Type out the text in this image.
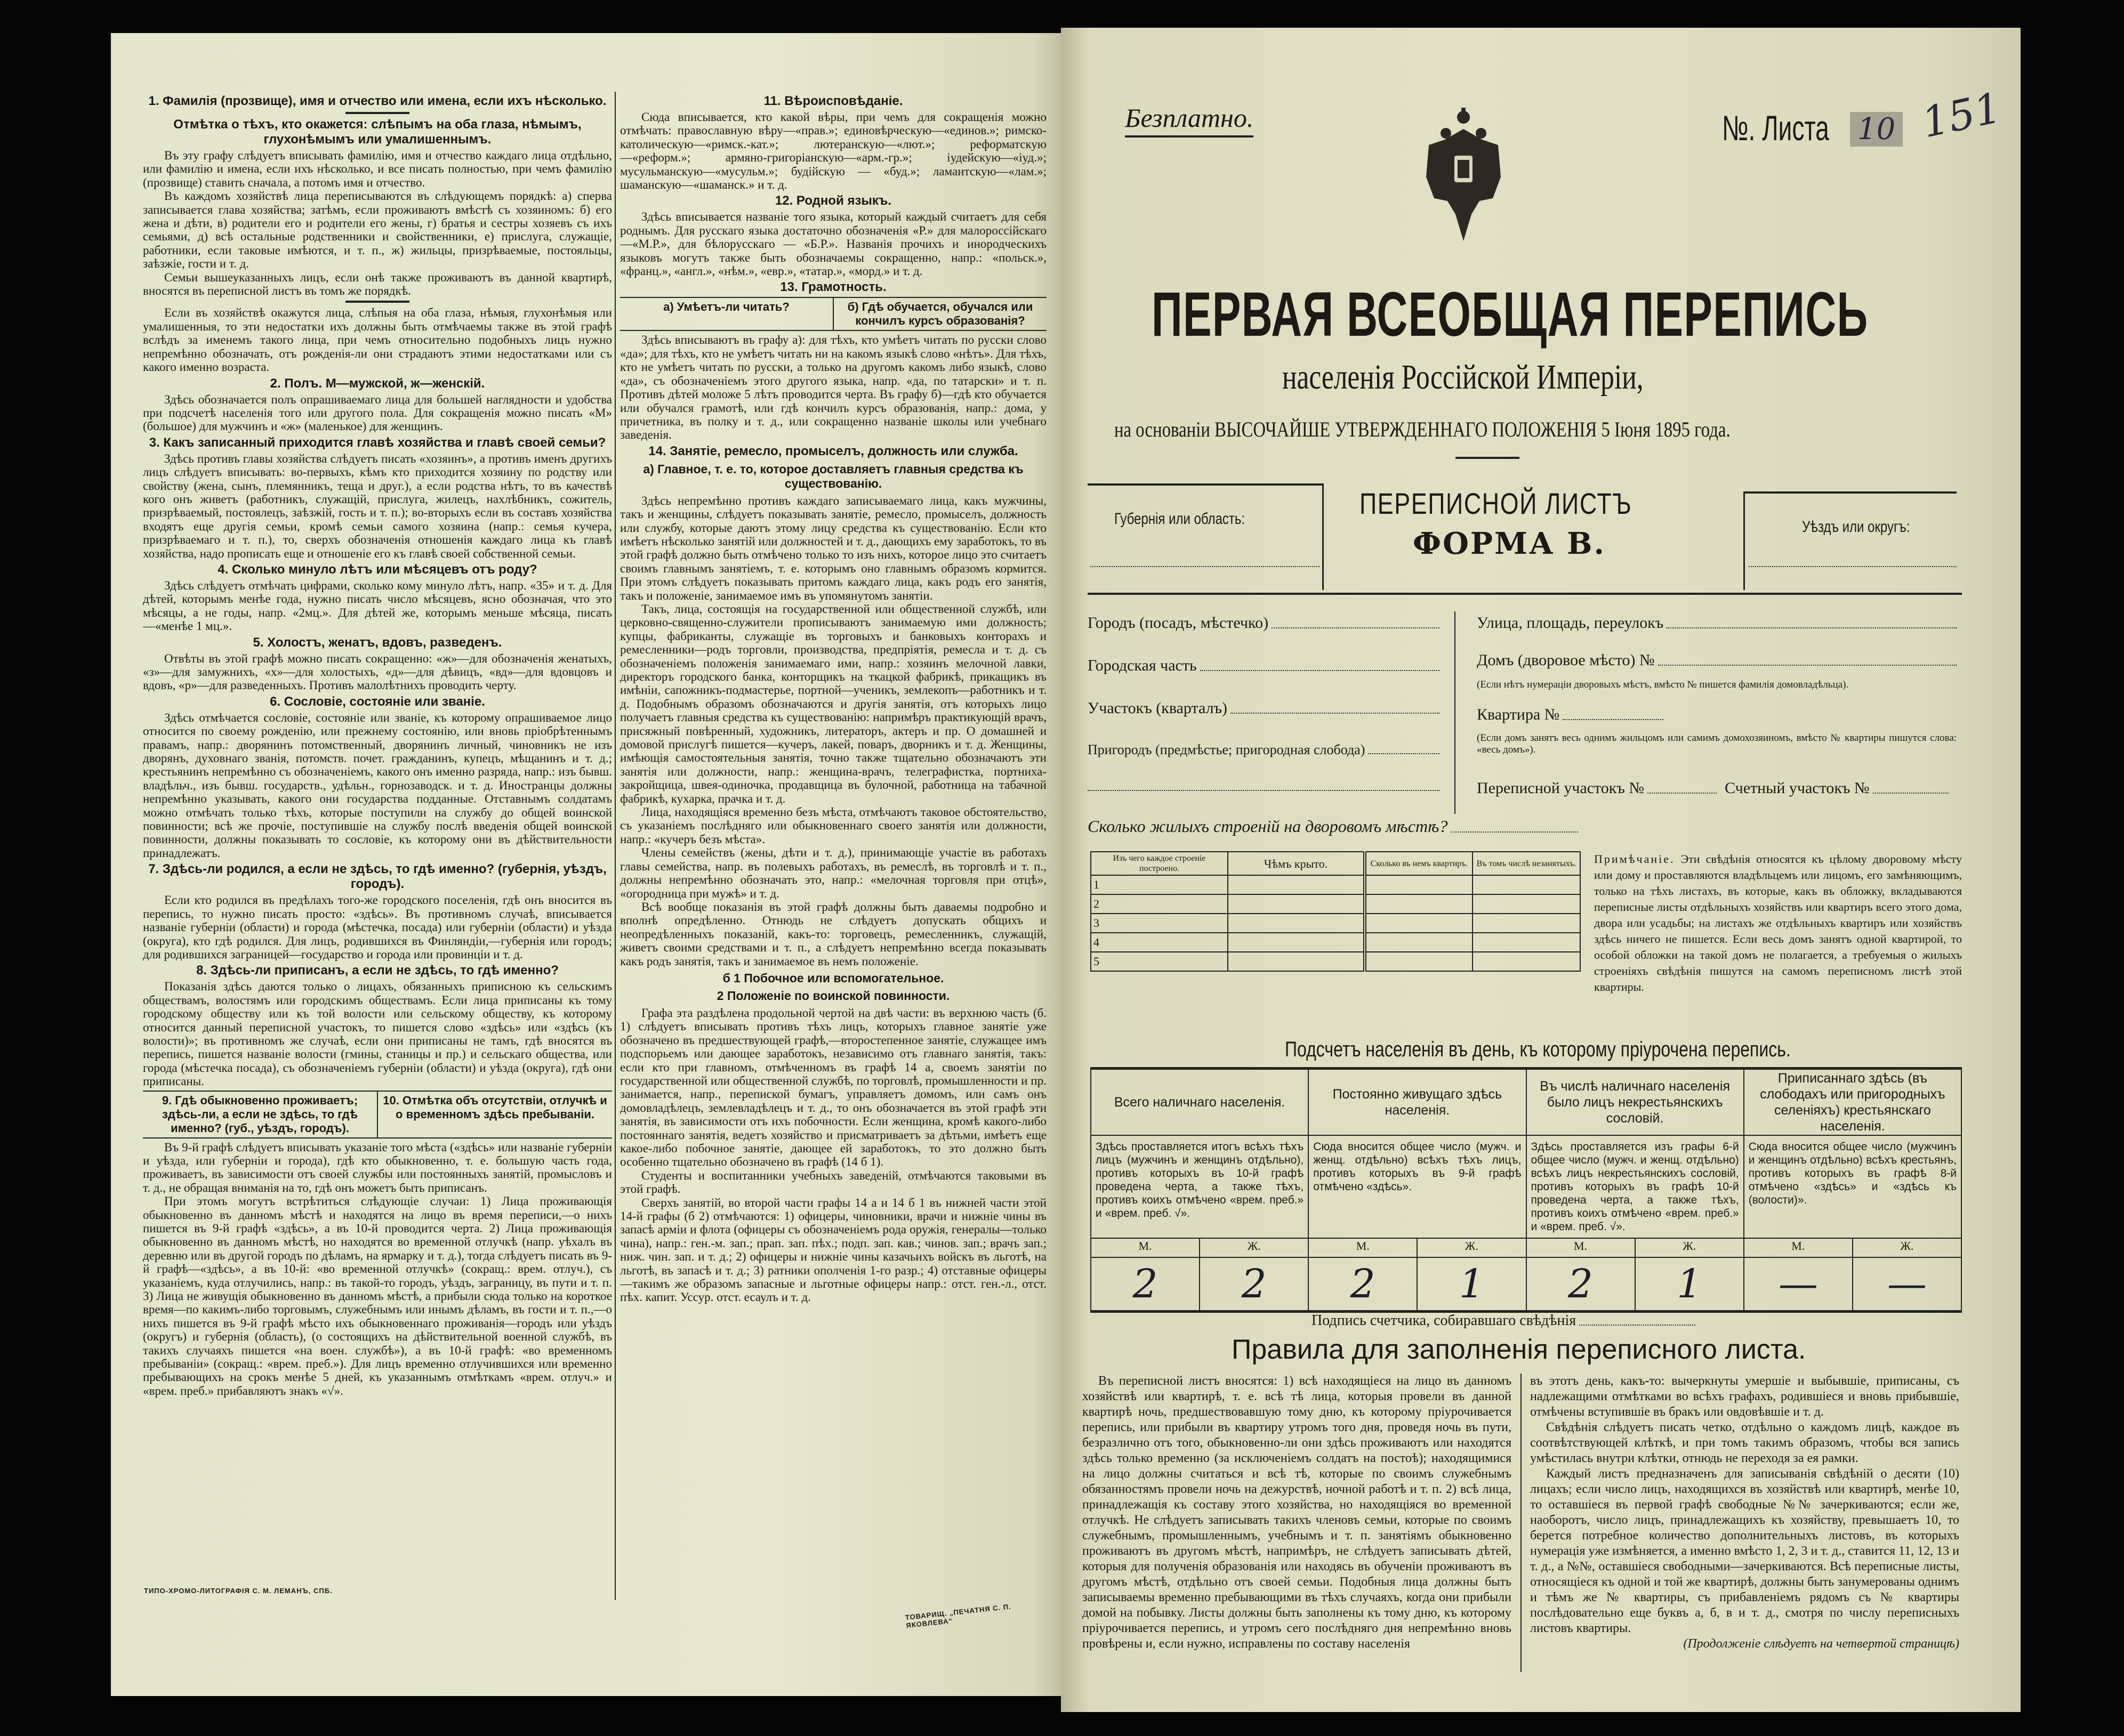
1. Фамилія (прозвище), имя и отчество или имена, если ихъ нѣсколько.
Отмѣтка о тѣхъ, кто окажется: слѣпымъ на оба глаза, нѣмымъ, глухонѣмымъ или умалишеннымъ.

Въ эту графу слѣдуетъ вписывать фамилію, имя и отчество каждаго лица отдѣльно, или фамилію и имена, если ихъ нѣсколько, и все писать полностью, при чемъ фамилію (прозвище) ставить сначала, а потомъ имя и отчество.

Въ каждомъ хозяйствѣ лица переписываются въ слѣдующемъ порядкѣ: а) сперва записывается глава хозяйства; затѣмъ, если проживаютъ вмѣстѣ съ хозяиномъ: б) его жена и дѣти, в) родители его и родители его жены, г) братья и сестры хозяевъ съ ихъ семьями, д) всѣ остальные родственники и свойственники, е) прислуга, служащіе, работники, если таковые имѣются, и т. п., ж) жильцы, призрѣваемые, постояльцы, заѣзжіе, гости и т. д.

Семьи вышеуказанныхъ лицъ, если онѣ также проживаютъ въ данной квартирѣ, вносятся въ переписной листъ въ томъ же порядкѣ.

Если въ хозяйствѣ окажутся лица, слѣпыя на оба глаза, нѣмыя, глухонѣмыя или умалишенныя, то эти недостатки ихъ должны быть отмѣчаемы также въ этой графѣ вслѣдъ за именемъ такого лица, при чемъ относительно подобныхъ лицъ нужно непремѣнно обозначать, отъ рожденія-ли они страдаютъ этими недостатками или съ какого именно возраста.

2. Полъ. М—мужской, ж—женскій.

Здѣсь обозначается полъ опрашиваемаго лица для большей наглядности и удобства при подсчетѣ населенія того или другого пола. Для сокращенія можно писать «М» (большое) для мужчинъ и «ж» (маленькое) для женщинъ.

3. Какъ записанный приходится главѣ хозяйства и главѣ своей семьи?

Здѣсь противъ главы хозяйства слѣдуетъ писать «хозяинъ», а противъ именъ другихъ лицъ слѣдуетъ вписывать: во-первыхъ, кѣмъ кто приходится хозяину по родству или свойству (жена, сынъ, племянникъ, теща и друг.), а если родства нѣтъ, то въ качествѣ кого онъ живетъ (работникъ, служащій, прислуга, жилецъ, нахлѣбникъ, сожитель, призрѣваемый, постоялецъ, заѣзжій, гость и т. п.); во-вторыхъ если въ составъ хозяйства входятъ еще другія семьи, кромѣ семьи самого хозяина (напр.: семья кучера, призрѣваемаго и т. п.), то, сверхъ обозначенія отношенія каждаго лица къ главѣ хозяйства, надо прописать еще и отношеніе его къ главѣ своей собственной семьи.

4. Сколько минуло лѣтъ или мѣсяцевъ отъ роду?

Здѣсь слѣдуетъ отмѣчать цифрами, сколько кому минуло лѣтъ, напр. «35» и т. д. Для дѣтей, которымъ менѣе года, нужно писать число мѣсяцевъ, ясно обозначая, что это мѣсяцы, а не годы, напр. «2мц.». Для дѣтей же, которымъ меньше мѣсяца, писать—«менѣе 1 мц.».

5. Холостъ, женатъ, вдовъ, разведенъ.

Отвѣты въ этой графѣ можно писать сокращенно: «ж»—для обозначенія женатыхъ, «з»—для замужнихъ, «х»—для холостыхъ, «д»—для дѣвицъ, «вд»—для вдовцовъ и вдовъ, «р»—для разведенныхъ. Противъ малолѣтнихъ проводить черту.

6. Сословіе, состояніе или званіе.

Здѣсь отмѣчается сословіе, состояніе или званіе, къ которому опрашиваемое лицо относится по своему рожденію, или прежнему состоянію, или вновь пріобрѣтеннымъ правамъ, напр.: дворянинъ потомственный, дворянинъ личный, чиновникъ не изъ дворянъ, духовнаго званія, потомств. почет. гражданинъ, купецъ, мѣщанинъ и т. д.; крестьянинъ непремѣнно съ обозначеніемъ, какого онъ именно разряда, напр.: изъ бывш. владѣльч., изъ бывш. государств., удѣльн., горнозаводск. и т. д. Иностранцы должны непремѣнно указывать, какого они государства подданные. Отставнымъ солдатамъ можно отмѣчать только тѣхъ, которые поступили на службу до общей воинской повинности; всѣ же прочіе, поступившіе на службу послѣ введенія общей воинской повинности, должны показывать то сословіе, къ которому они въ дѣйствительности принадлежатъ.

7. Здѣсь-ли родился, а если не здѣсь, то гдѣ именно? (губернія, уѣздъ, городъ).

Если кто родился въ предѣлахъ того-же городского поселенія, гдѣ онъ вносится въ перепись, то нужно писать просто: «здѣсь». Въ противномъ случаѣ, вписывается названіе губерніи (области) и города (мѣстечка, посада) или губерніи (области) и уѣзда (округа), кто гдѣ родился. Для лицъ, родившихся въ Финляндіи,—губернія или городъ; для родившихся заграницей—государство и города или провинціи и т. д.

8. Здѣсь-ли приписанъ, а если не здѣсь, то гдѣ именно?

Показанія здѣсь даются только о лицахъ, обязанныхъ приписною къ сельскимъ обществамъ, волостямъ или городскимъ обществамъ. Если лица приписаны къ тому городскому обществу или къ той волости или сельскому обществу, къ которому относится данный переписной участокъ, то пишется слово «здѣсь» или «здѣсь (къ волости)»; въ противномъ же случаѣ, если они приписаны не тамъ, гдѣ вносятся въ перепись, пишется названіе волости (гмины, станицы и пр.) и сельскаго общества, или города (мѣстечка посада), съ обозначеніемъ губерніи (области) и уѣзда (округа), гдѣ они приписаны.

9. Гдѣ обыкновенно проживаетъ; здѣсь-ли, а если не здѣсь, то гдѣ именно? (губ., уѣздъ, городъ).
10. Отмѣтка объ отсутствіи, отлучкѣ и о временномъ здѣсь пребываніи.

Въ 9-й графѣ слѣдуетъ вписывать указаніе того мѣста («здѣсь» или названіе губерніи и уѣзда, или губерніи и города), гдѣ кто обыкновенно, т. е. большую часть года, проживаетъ, въ зависимости отъ своей службы или постоянныхъ занятій, промысловъ и т. д., не обращая вниманія на то, гдѣ онъ можетъ быть приписанъ.

При этомъ могутъ встрѣтиться слѣдующіе случаи: 1) Лица проживающія обыкновенно въ данномъ мѣстѣ и находятся на лицо въ время переписи,—о нихъ пишется въ 9-й графѣ «здѣсь», а въ 10-й проводится черта. 2) Лица проживающія обыкновенно въ данномъ мѣстѣ, но находятся во временной отлучкѣ (напр. уѣхалъ въ деревню или въ другой городъ по дѣламъ, на ярмарку и т. д.), тогда слѣдуетъ писать въ 9-й графѣ—«здѣсь», а въ 10-й: «во временной отлучкѣ» (сокращ.: врем. отлуч.), съ указаніемъ, куда отлучились, напр.: въ такой-то городъ, уѣздъ, заграницу, въ пути и т. п. 3) Лица не живущія обыкновенно въ данномъ мѣстѣ, а прибыли сюда только на короткое время—по какимъ-либо торговымъ, служебнымъ или инымъ дѣламъ, въ гости и т. п.,—о нихъ пишется въ 9-й графѣ мѣсто ихъ обыкновеннаго проживанія—городъ или уѣздъ (округъ) и губернія (область), (о состоящихъ на дѣйствительной военной службѣ, въ такихъ случаяхъ пишется «на воен. службѣ»), а въ 10-й графѣ: «во временномъ пребываніи» (сокращ.: «врем. преб.»). Для лицъ временно отлучившихся или временно пребывающихъ на срокъ менѣе 5 дней, къ указаннымъ отмѣткамъ «врем. отлуч.» и «врем. преб.» прибавляютъ знакъ «√».

11. Вѣроисповѣданіе.

Сюда вписывается, кто какой вѣры, при чемъ для сокращенія можно отмѣчать: православную вѣру—«прав.»; единовѣрческую—«единов.»; римско-католическую—«римск.-кат.»; лютеранскую—«лют.»; реформатскую—«реформ.»; армяно-григоріанскую—«арм.-гр.»; іудейскую—«іуд.»; мусульманскую—«мусульм.»; будійскую — «буд.»; ламаитскую—«лам.»; шаманскую—«шаманск.» и т. д.

12. Родной языкъ.

Здѣсь вписывается названіе того языка, который каждый считаетъ для себя роднымъ. Для русскаго языка достаточно обозначенія «Р.» для малороссійскаго—«М.Р.», для бѣлорусскаго — «Б.Р.». Названія прочихъ и инородческихъ языковъ могутъ также быть обозначаемы сокращенно, напр.: «польск.», «франц.», «англ.», «нѣм.», «евр.», «татар.», «морд.» и т. д.

13. Грамотность.
а) Умѣетъ-ли читать?	б) Гдѣ обучается, обучался или кончилъ курсъ образованія?

Здѣсь вписываютъ въ графу а): для тѣхъ, кто умѣетъ читать по русски слово «да»; для тѣхъ, кто не умѣетъ читать ни на какомъ языкѣ слово «нѣтъ». Для тѣхъ, кто не умѣетъ читать по русски, а только на другомъ какомъ либо языкѣ, слово «да», съ обозначеніемъ этого другого языка, напр. «да, по татарски» и т. п. Противъ дѣтей моложе 5 лѣтъ проводится черта. Въ графу б)—гдѣ кто обучается или обучался грамотѣ, или гдѣ кончилъ курсъ образованія, напр.: дома, у причетника, въ полку и т. д., или сокращенно названіе школы или учебнаго заведенія.

14. Занятіе, ремесло, промыселъ, должность или служба.
а) Главное, т. е. то, которое доставляетъ главныя средства къ существованію.

Здѣсь непремѣнно противъ каждаго записываемаго лица, какъ мужчины, такъ и женщины, слѣдуетъ показывать занятіе, ремесло, промыселъ, должность или службу, которые даютъ этому лицу средства къ существованію. Если кто имѣетъ нѣсколько занятій или должностей и т. д., дающихъ ему заработокъ, то въ этой графѣ должно быть отмѣчено только то изъ нихъ, которое лицо это считаетъ своимъ главнымъ занятіемъ, т. е. которымъ оно главнымъ образомъ кормится. При этомъ слѣдуетъ показывать притомъ каждаго лица, какъ родъ его занятія, такъ и положеніе, занимаемое имъ въ упомянутомъ занятіи.

Такъ, лица, состоящія на государственной или общественной службѣ, или церковно-священно-служители прописываютъ занимаемую ими должность; купцы, фабриканты, служащіе въ торговыхъ и банковыхъ конторахъ и ремесленники—родъ торговли, производства, предпріятія, ремесла и т. д. съ обозначеніемъ положенія занимаемаго ими, напр.: хозяинъ мелочной лавки, директоръ городского банка, конторщикъ на ткацкой фабрикѣ, прикащикъ въ имѣніи, сапожникъ-подмастерье, портной—ученикъ, землекопъ—работникъ и т. д. Подобнымъ образомъ обозначаются и другія занятія, отъ которыхъ лицо получаетъ главныя средства къ существованію: напримѣръ практикующій врачъ, присяжный повѣренный, художникъ, литераторъ, актеръ и пр. О домашней и домовой прислугѣ пишется—кучеръ, лакей, поваръ, дворникъ и т. д. Женщины, имѣющія самостоятельныя занятія, точно также тщательно обозначаютъ эти занятія или должности, напр.: женщина-врачъ, телеграфистка, портниха-закройщица, швея-одиночка, продавщица въ булочной, работница на табачной фабрикѣ, кухарка, прачка и т. д.

Лица, находящіяся временно безъ мѣста, отмѣчаютъ таковое обстоятельство, съ указаніемъ послѣдняго или обыкновеннаго своего занятія или должности, напр.: «кучеръ безъ мѣста».

Члены семействъ (жены, дѣти и т. д.), принимающіе участіе въ работахъ главы семейства, напр. въ полевыхъ работахъ, въ ремеслѣ, въ торговлѣ и т. п., должны непремѣнно обозначать это, напр.: «мелочная торговля при отцѣ», «огородница при мужѣ» и т. д.

Всѣ вообще показанія въ этой графѣ должны быть даваемы подробно и вполнѣ опредѣленно. Отнюдь не слѣдуетъ допускать общихъ и неопредѣленныхъ показаній, какъ-то: торговецъ, ремесленникъ, служащій, живетъ своими средствами и т. п., а слѣдуетъ непремѣнно всегда показывать какъ родъ занятія, такъ и занимаемое въ немъ положеніе.

б 1 Побочное или вспомогательное.
2 Положеніе по воинской повинности.

Графа эта раздѣлена продольной чертой на двѣ части: въ верхнюю часть (б. 1) слѣдуетъ вписывать противъ тѣхъ лицъ, которыхъ главное занятіе уже обозначено въ предшествующей графѣ,—второстепенное занятіе, служащее имъ подспорьемъ или дающее заработокъ, независимо отъ главнаго занятія, такъ: если кто при главномъ, отмѣченномъ въ графѣ 14 а, своемъ занятіи по государственной или общественной службѣ, по торговлѣ, промышленности и пр. занимается, напр., перепиской бумагъ, управляетъ домомъ, или самъ онъ домовладѣлецъ, землевладѣлецъ и т. д., то онъ обозначается въ этой графѣ эти занятія, въ зависимости отъ ихъ побочности. Если женщина, кромѣ какого-либо постояннаго занятія, ведетъ хозяйство и присматриваетъ за дѣтьми, имѣетъ еще какое-либо побочное занятіе, дающее ей заработокъ, то это должно быть особенно тщательно обозначено въ графѣ (14 б 1).

Студенты и воспитанники учебныхъ заведеній, отмѣчаются таковыми въ этой графѣ.

Сверхъ занятій, во второй части графы 14 а и 14 б 1 въ нижней части этой 14-й графы (б 2) отмѣчаются: 1) офицеры, чиновники, врачи и нижніе чины въ запасѣ арміи и флота (офицеры съ обозначеніемъ рода оружія, генералы—только чина), напр.: ген.-м. зап.; прап. зап. пѣх.; подп. зап. кав.; чинов. зап.; врачъ зап.; ниж. чин. зап. и т. д.; 2) офицеры и нижніе чины казачьихъ войскъ въ льготѣ, на льготѣ, въ запасѣ и т. д.; 3) ратники ополченія 1-го разр.; 4) отставные офицеры—такимъ же образомъ запасные и льготные офицеры напр.: отст. ген.-л., отст. пѣх. капит. Уссур. отст. есаулъ и т. д.

ТИПО-ХРОМО-ЛИТОГРАФІЯ С. М. ЛЕМАНЪ, СПБ.
ТОВАРИЩ. „ПЕЧАТНЯ С. П. ЯКОВЛЕВА“
Безплатно.	№. Листа 10 151
ПЕРВАЯ ВСЕОБЩАЯ ПЕРЕПИСЬ
населенія Россійской Имперіи,
на основаніи ВЫСОЧАЙШЕ УТВЕРЖДЕННАГО ПОЛОЖЕНІЯ 5 Іюня 1895 года.
Губернія или область:	ПЕРЕПИСНОЙ ЛИСТЪ
ФОРМА В.	Уѣздъ или округъ:
Городъ (посадъ, мѣстечко)
Городская часть
Участокъ (кварталъ)
Пригородъ (предмѣстье; пригородная слобода)
Улица, площадь, переулокъ
Домъ (дворовое мѣсто) №
(Если нѣтъ нумераціи дворовыхъ мѣстъ, вмѣсто № пишется фамилія домовладѣльца).
Квартира №
(Если домъ занятъ весь однимъ жильцомъ или самимъ домохозяиномъ, вмѣсто № квартиры пишутся слова: «весь домъ»).
Переписной участокъ №	Счетный участокъ №
Сколько жилыхъ строеній на дворовомъ мѣстѣ?
Изъ чего каждое строеніе построено.	Чѣмъ крыто.	Сколько въ немъ квартиръ.	Въ томъ числѣ незанятыхъ.
1			
2			
3			
4			
5			
Примѣчаніе. Эти свѣдѣнія относятся къ цѣлому дворовому мѣсту или дому и проставляются владѣльцемъ или лицомъ, его замѣняющимъ, только на тѣхъ листахъ, въ которые, какъ въ обложку, вкладываются переписные листы отдѣльныхъ хозяйствъ или квартиръ всего этого дома, двора или усадьбы; на листахъ же отдѣльныхъ квартиръ или хозяйствъ здѣсь ничего не пишется. Если весь домъ занятъ одной квартирой, то особой обложки на такой домъ не полагается, а требуемыя о жилыхъ строеніяхъ свѣдѣнія пишутся на самомъ переписномъ листѣ этой квартиры.
Подсчетъ населенія въ день, къ которому пріурочена перепись.
Всего наличнаго населенія.		Постоянно живущаго здѣсь населенія.		Въ числѣ наличнаго населенія было лицъ некрестьянскихъ сословій.		Приписаннаго здѣсь (въ слободахъ или пригородныхъ селеніяхъ) крестьянскаго населенія.	
Здѣсь проставляется итогъ всѣхъ тѣхъ лицъ (мужчинъ и женщинъ отдѣльно), противъ которыхъ въ 10-й графѣ проведена черта, а также тѣхъ, противъ коихъ отмѣчено «врем. преб.» и «врем. преб. √».		Сюда вносится общее число (мужч. и женщ. отдѣльно) всѣхъ тѣхъ лицъ, противъ которыхъ въ 9-й графѣ отмѣчено «здѣсь».		Здѣсь проставляется изъ графы 6-й общее число (мужч. и женщ. отдѣльно) всѣхъ лицъ некрестьянскихъ сословій, противъ которыхъ въ графѣ 10-й проведена черта, а также тѣхъ, противъ коихъ отмѣчено «врем. преб.» и «врем. преб. √».		Сюда вносится общее число (мужчинъ и женщинъ отдѣльно) всѣхъ крестьянъ, противъ которыхъ въ графѣ 8-й отмѣчено «здѣсь» и «здѣсь къ (волости)».	
М.	Ж.	М.	Ж.	М.	Ж.	М.	Ж.
2	2	2	1	2	1	—	—
Подпись счетчика, собиравшаго свѣдѣнія
Правила для заполненія переписного листа.

Въ переписной листъ вносятся: 1) всѣ находящіеся на лицо въ данномъ хозяйствѣ или квартирѣ, т. е. всѣ тѣ лица, которыя провели въ данной квартирѣ ночь, предшествовавшую тому дню, къ которому пріурочивается перепись, или прибыли въ квартиру утромъ того дня, проведя ночь въ пути, безразлично отъ того, обыкновенно-ли они здѣсь проживаютъ или находятся здѣсь только временно (за исключеніемъ солдатъ на постоѣ); находящимися на лицо должны считаться и всѣ тѣ, которые по своимъ служебнымъ обязанностямъ провели ночь на дежурствѣ, ночной работѣ и т. п. 2) всѣ лица, принадлежащія къ составу этого хозяйства, но находящіяся во временной отлучкѣ. Не слѣдуетъ записывать такихъ членовъ семьи, которые по своимъ служебнымъ, промышленнымъ, учебнымъ и т. п. занятіямъ обыкновенно проживаютъ въ другомъ мѣстѣ, напримѣръ, не слѣдуетъ записывать дѣтей, которыя для полученія образованія или находясь въ обученіи проживаютъ въ другомъ мѣстѣ, отдѣльно отъ своей семьи. Подобныя лица должны быть записываемы временно пребывающими въ тѣхъ случаяхъ, когда они прибыли домой на побывку. Листы должны быть заполнены къ тому дню, къ которому пріурочивается перепись, и утромъ сего послѣдняго дня непремѣнно вновь провѣрены и, если нужно, исправлены по составу населенія

въ этотъ день, какъ-то: вычеркнуты умершіе и выбывшіе, приписаны, съ надлежащими отмѣтками во всѣхъ графахъ, родившіеся и вновь прибывшіе, отмѣчены вступившіе въ бракъ или овдовѣвшіе и т. д.

Свѣдѣнія слѣдуетъ писать четко, отдѣльно о каждомъ лицѣ, каждое въ соотвѣтствующей клѣткѣ, и при томъ такимъ образомъ, чтобы вся запись умѣстилась внутри клѣтки, отнюдь не переходя за ея рамки.

Каждый листъ предназначенъ для записыванія свѣдѣній о десяти (10) лицахъ; если число лицъ, находящихся въ хозяйствѣ или квартирѣ, менѣе 10, то оставшіеся въ первой графѣ свободные №№ зачеркиваются; если же, наоборотъ, число лицъ, принадлежащихъ къ хозяйству, превышаетъ 10, то берется потребное количество дополнительныхъ листовъ, въ которыхъ нумерація уже измѣняется, а именно вмѣсто 1, 2, 3 и т. д., ставится 11, 12, 13 и т. д., а №№, оставшіеся свободными—зачеркиваются. Всѣ переписные листы, относящіеся къ одной и той же квартирѣ, должны быть занумерованы однимъ и тѣмъ же № квартиры, съ прибавленіемъ рядомъ съ № квартиры послѣдовательно еще буквъ а, б, в и т. д., смотря по числу переписныхъ листовъ квартиры.

(Продолженіе слѣдуетъ на четвертой страницѣ)
